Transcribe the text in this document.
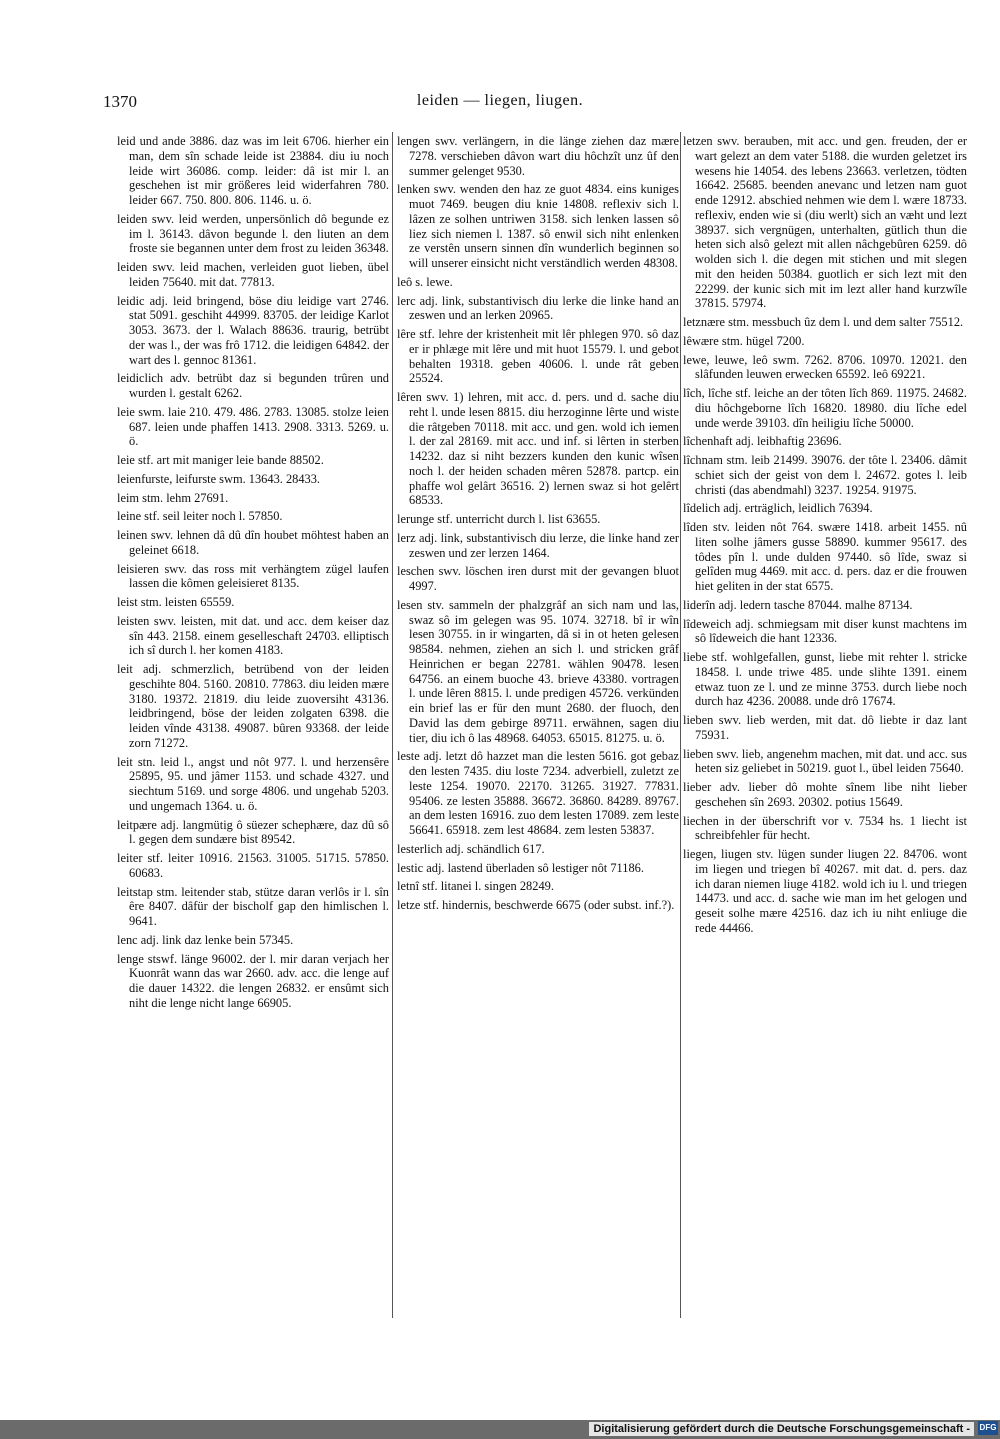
1370	leiden — liegen, liugen.
leid und ande 3886. daz was im leit 6706. hierher ein man, dem sîn schade leide ist 23884. diu iu noch leide wirt 36086. comp. leider: dâ ist mir l. an geschehen ist mir größeres leid widerfahren 780. leider 667. 750. 800. 806. 1146. u. ö.
leiden swv. leid werden, unpersönlich dô begunde ez im l. 36143. dâvon begunde l. den liuten an dem froste sie begannen unter dem frost zu leiden 36348.
leiden swv. leid machen, verleiden guot lieben, übel leiden 75640. mit dat. 77813.
leidic adj. leid bringend, böse diu leidige vart 2746. stat 5091. geschiht 44999. 83705. der leidige Karlot 3053. 3673. der l. Walach 88636. traurig, betrübt der was l., der was frô 1712. die leidigen 64842. der wart des l. gennoc 81361.
leidiclich adv. betrübt daz si begunden trûren und wurden l. gestalt 6262.
leie swm. laie 210. 479. 486. 2783. 13085. stolze leien 687. leien unde phaffen 1413. 2908. 3313. 5269. u. ö.
leie stf. art mit maniger leie bande 88502.
leienfurste, leifurste swm. 13643. 28433.
leim stm. lehm 27691.
leine stf. seil leiter noch l. 57850.
leinen swv. lehnen dâ dû dîn houbet möhtest haben an geleinet 6618.
leisieren swv. das ross mit verhängtem zügel laufen lassen die kômen geleisieret 8135.
leist stm. leisten 65559.
leisten swv. leisten, mit dat. und acc. dem keiser daz sîn 443. 2158. einem geselleschaft 24703. elliptisch ich sî durch l. her komen 4183.
leit adj. schmerzlich, betrübend von der leiden geschihte 804. 5160. 20810. 77863. diu leiden mære 3180. 19372. 21819. diu leide zuoversiht 43136. leidbringend, böse der leiden zolgaten 6398. die leiden vînde 43138. 49087. bûren 93368. der leide zorn 71272.
leit stn. leid l., angst und nôt 977. l. und herzensêre 25895, 95. und jâmer 1153. und schade 4327. und siechtum 5169. und sorge 4806. und ungehab 5203. und ungemach 1364. u. ö.
leitpære adj. langmütig ô süezer schephære, daz dû sô l. gegen dem sundære bist 89542.
leiter stf. leiter 10916. 21563. 31005. 51715. 57850. 60683.
leitstap stm. leitender stab, stütze daran verlôs ir l. sîn êre 8407. dâfür der bischolf gap den himlischen l. 9641.
lenc adj. link daz lenke bein 57345.
lenge stswf. länge 96002. der l. mir daran verjach her Kuonrât wann das war 2660. adv. acc. die lenge auf die dauer 14322. die lengen 26832. er ensûmt sich niht die lenge nicht lange 66905.
lengen swv. verlängern, in die länge ziehen daz mære 7278. verschieben dâvon wart diu hôchzît unz ûf den summer gelenget 9530.
lenken swv. wenden den haz ze guot 4834. eins kuniges muot 7469. beugen diu knie 14808. reflexiv sich l. lâzen ze solhen untriwen 3158. sich lenken lassen sô liez sich niemen l. 1387. sô enwil sich niht enlenken ze verstên unsern sinnen dîn wunderlich beginnen so will unserer einsicht nicht verständlich werden 48308.
leô s. lewe.
lerc adj. link, substantivisch diu lerke die linke hand an zeswen und an lerken 20965.
lêre stf. lehre der kristenheit mit lêr phlegen 970. sô daz er ir phlæge mit lêre und mit huot 15579. l. und gebot behalten 19318. geben 40606. l. unde rât geben 25524.
lêren swv. 1) lehren, mit acc. d. pers. und d. sache diu reht l. unde lesen 8815. diu herzoginne lêrte und wiste die râtgeben 70118. mit acc. und gen. wold ich iemen l. der zal 28169. mit acc. und inf. si lêrten in sterben 14232. daz si niht bezzers kunden den kunic wîsen noch l. der heiden schaden mêren 52878. partcp. ein phaffe wol gelârt 36516. 2) lernen swaz si hot gelêrt 68533.
lerunge stf. unterricht durch l. list 63655.
lerz adj. link, substantivisch diu lerze, die linke hand zer zeswen und zer lerzen 1464.
leschen swv. löschen iren durst mit der gevangen bluot 4997.
lesen stv. sammeln der phalzgrâf an sich nam und las, swaz sô im gelegen was 95. 1074. 32718. bî ir wîn lesen 30755. in ir wingarten, dâ si in ot heten gelesen 98584. nehmen, ziehen an sich l. und stricken grâf Heinrichen er began 22781. wählen 90478. lesen 64756. an einem buoche 43. brieve 43380. vortragen l. unde lêren 8815. l. unde predigen 45726. verkünden ein brief las er für den munt 2680. der fluoch, den David las dem gebirge 89711. erwähnen, sagen diu tier, diu ich ô las 48968. 64053. 65015. 81275. u. ö.
leste adj. letzt dô hazzet man die lesten 5616. got gebaz den lesten 7435. diu loste 7234. adverbiell, zuletzt ze leste 1254. 19070. 22170. 31265. 31927. 77831. 95406. ze lesten 35888. 36672. 36860. 84289. 89767. an dem lesten 16916. zuo dem lesten 17089. zem leste 56641. 65918. zem lest 48684. zem lesten 53837.
lesterlich adj. schändlich 617.
lestic adj. lastend überladen sô lestiger nôt 71186.
letnî stf. litanei l. singen 28249.
letze stf. hindernis, beschwerde 6675 (oder subst. inf.?).
letzen swv. berauben, mit acc. und gen. freuden, der er wart gelezt an dem vater 5188. die wurden geletzet irs wesens hie 14054. des lebens 23663. verletzen, tödten 16642. 25685. beenden anevanc und letzen nam guot ende 12912. abschied nehmen wie dem l. wære 18733. reflexiv, enden wie si (diu werlt) sich an væht und lezt 38937. sich vergnügen, unterhalten, gütlich thun die heten sich alsô gelezt mit allen nâchgebûren 6259. dô wolden sich l. die degen mit stichen und mit slegen mit den heiden 50384. guotlich er sich lezt mit den 22299. der kunic sich mit im lezt aller hand kurzwîle 37815. 57974.
letznære stm. messbuch ûz dem l. und dem salter 75512.
lêwære stm. hügel 7200.
lewe, leuwe, leô swm. 7262. 8706. 10970. 12021. den slâfunden leuwen erwecken 65592. leô 69221.
lîch, lîche stf. leiche an der tôten lîch 869. 11975. 24682. diu hôchgeborne lîch 16820. 18980. diu lîche edel unde werde 39103. dîn heiligiu lîche 50000.
lîchenhaft adj. leibhaftig 23696.
lîchnam stm. leib 21499. 39076. der tôte l. 23406. dâmit schiet sich der geist von dem l. 24672. gotes l. leib christi (das abendmahl) 3237. 19254. 91975.
lîdelich adj. erträglich, leidlich 76394.
lîden stv. leiden nôt 764. swære 1418. arbeit 1455. nû liten solhe jâmers gusse 58890. kummer 95617. des tôdes pîn l. unde dulden 97440. sô lîde, swaz si gelîden mug 4469. mit acc. d. pers. daz er die frouwen hiet geliten in der stat 6575.
liderîn adj. ledern tasche 87044. malhe 87134.
lîdeweich adj. schmiegsam mit diser kunst machtens im sô lîdeweich die hant 12336.
liebe stf. wohlgefallen, gunst, liebe mit rehter l. stricke 18458. l. unde triwe 485. unde slihte 1391. einem etwaz tuon ze l. und ze minne 3753. durch liebe noch durch haz 4236. 20088. unde drô 17674.
lieben swv. lieb werden, mit dat. dô liebte ir daz lant 75931.
lieben swv. lieb, angenehm machen, mit dat. und acc. sus heten siz geliebet in 50219. guot l., übel leiden 75640.
lieber adv. lieber dô mohte sînem libe niht lieber geschehen sîn 2693. 20302. potius 15649.
liechen in der überschrift vor v. 7534 hs. 1 liecht ist schreibfehler für hecht.
liegen, liugen stv. lügen sunder liugen 22. 84706. wont im liegen und triegen bî 40267. mit dat. d. pers. daz ich daran niemen liuge 4182. wold ich iu l. und triegen 14473. und acc. d. sache wie man im het gelogen und geseit solhe mære 42516. daz ich iu niht enliuge die rede 44466.
Digitalisierung gefördert durch die Deutsche Forschungsgemeinschaft -	DFG
